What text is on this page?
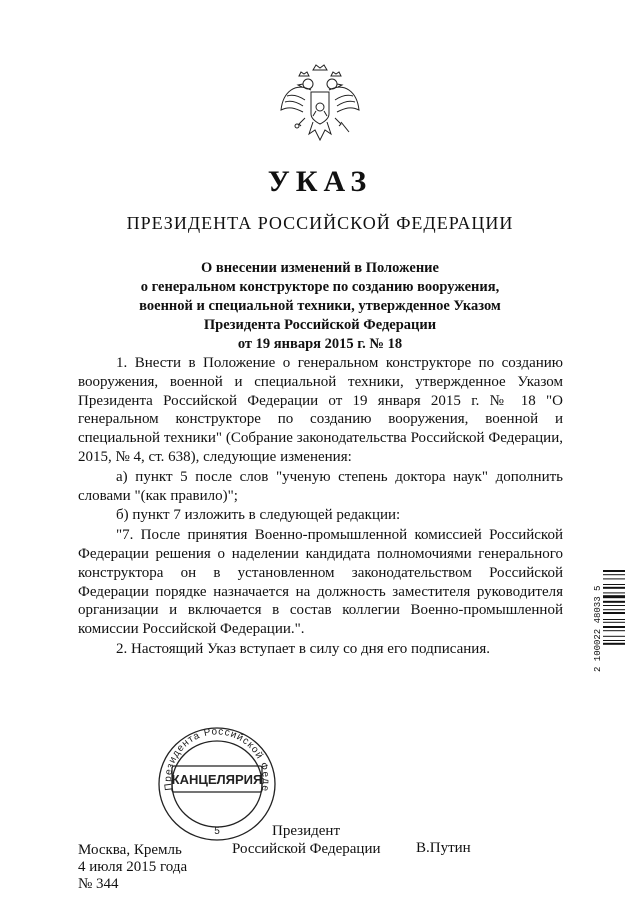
УКАЗ
ПРЕЗИДЕНТА РОССИЙСКОЙ ФЕДЕРАЦИИ
О внесении изменений в Положение
о генеральном конструкторе по созданию вооружения,
военной и специальной техники, утвержденное Указом
Президента Российской Федерации
от 19 января 2015 г. № 18

1. Внести в Положение о генеральном конструкторе по созданию вооружения, военной и специальной техники, утвержденное Указом Президента Российской Федерации от 19 января 2015 г. № 18 "О генеральном конструкторе по созданию вооружения, военной и специальной техники" (Собрание законодательства Российской Федерации, 2015, № 4, ст. 638), следующие изменения:

а) пункт 5 после слов "ученую степень доктора наук" дополнить словами "(как правило)";

б) пункт 7 изложить в следующей редакции:

"7. После принятия Военно-промышленной комиссией Российской Федерации решения о наделении кандидата полномочиями генерального конструктора он в установленном законодательством Российской Федерации порядке назначается на должность заместителя руководителя организации и включается в состав коллегии Военно-промышленной комиссии Российской Федерации.".

2. Настоящий Указ вступает в силу со дня его подписания.

Президента Российской Феде
КАНЦЕЛЯРИЯ
5	Президент
Российской Федерации В.Путин
Москва, Кремль
4 июля 2015 года
№ 344
2 100022 48033 5
